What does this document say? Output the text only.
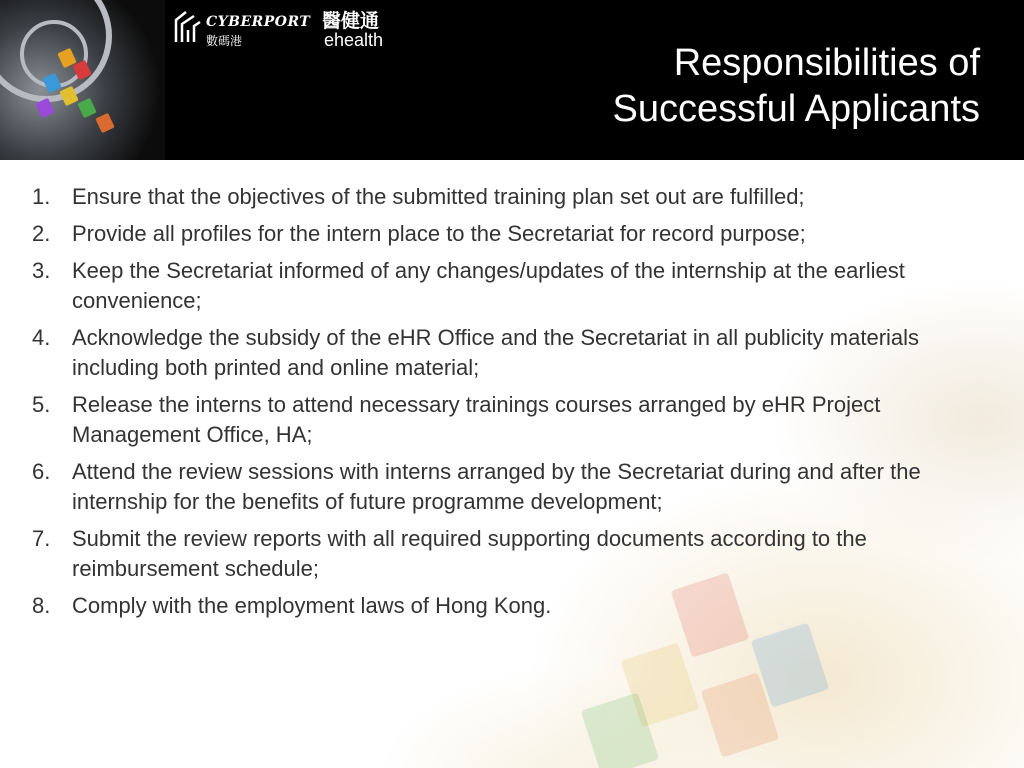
CYBERPORT
數碼港
醫健通
ehealth
Responsibilities of
Successful Applicants
1. Ensure that the objectives of the submitted training plan set out are fulfilled;
2. Provide all profiles for the intern place to the Secretariat for record purpose;
3. Keep the Secretariat informed of any changes/updates of the internship at the earliest convenience;
4. Acknowledge the subsidy of the eHR Office and the Secretariat in all publicity materials including both printed and online material;
5. Release the interns to attend necessary trainings courses arranged by eHR Project Management Office, HA;
6. Attend the review sessions with interns arranged by the Secretariat during and after the internship for the benefits of future programme development;
7. Submit the review reports with all required supporting documents according to the reimbursement schedule;
8. Comply with the employment laws of Hong Kong.
